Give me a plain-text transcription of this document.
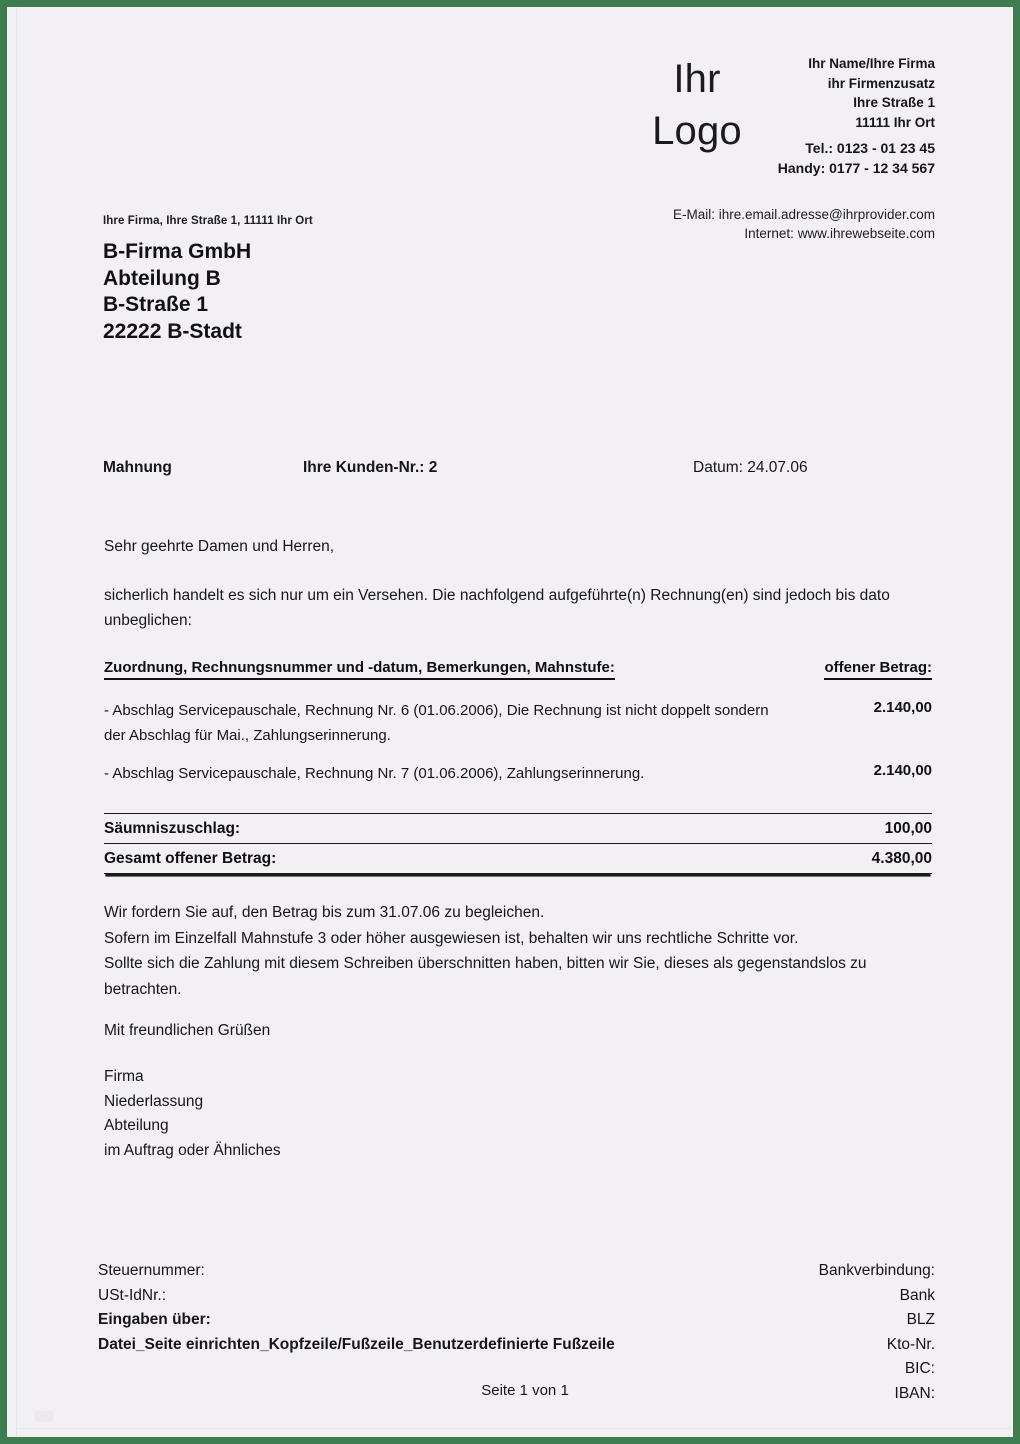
Ihr
Logo
Ihr Name/Ihre Firma
ihr Firmenzusatz
Ihre Straße 1
11111 Ihr Ort
Tel.: 0123 - 01 23 45
Handy: 0177 - 12 34 567
E-Mail: ihre.email.adresse@ihrprovider.com
Internet: www.ihrewebseite.com
Ihre Firma, Ihre Straße 1, 11111 Ihr Ort
B-Firma GmbH
Abteilung B
B-Straße 1
22222 B-Stadt
Mahnung	Ihre Kunden-Nr.: 2	Datum: 24.07.06
Sehr geehrte Damen und Herren,
sicherlich handelt es sich nur um ein Versehen. Die nachfolgend aufgeführte(n) Rechnung(en) sind jedoch bis dato unbeglichen:
Zuordnung, Rechnungsnummer und -datum, Bemerkungen, Mahnstufe:	offener Betrag:
- Abschlag Servicepauschale, Rechnung Nr. 6 (01.06.2006), Die Rechnung ist nicht doppelt sondern der Abschlag für Mai., Zahlungserinnerung.
2.140,00
- Abschlag Servicepauschale, Rechnung Nr. 7 (01.06.2006), Zahlungserinnerung.	2.140,00
Säumniszuschlag:	100,00
Gesamt offener Betrag:	4.380,00
Wir fordern Sie auf, den Betrag bis zum 31.07.06 zu begleichen.
Sofern im Einzelfall Mahnstufe 3 oder höher ausgewiesen ist, behalten wir uns rechtliche Schritte vor.
Sollte sich die Zahlung mit diesem Schreiben überschnitten haben, bitten wir Sie, dieses als gegenstandslos zu betrachten.
Mit freundlichen Grüßen
Firma
Niederlassung
Abteilung
im Auftrag oder Ähnliches
Steuernummer:
USt-IdNr.:
Eingaben über:
Datei_Seite einrichten_Kopfzeile/Fußzeile_Benutzerdefinierte Fußzeile
Bankverbindung:
Bank
BLZ
Kto-Nr.
BIC:
IBAN:
Seite 1 von 1
